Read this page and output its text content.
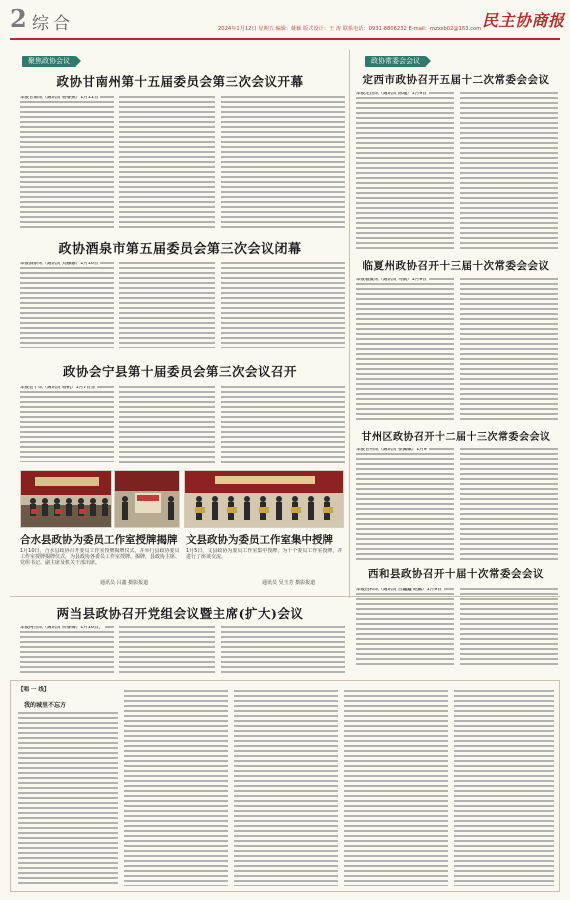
2 综合	2024年1月12日 星期五 编辑：姚颖 版式设计：王 涛 联系电话：0931-8806232 E-mail：mzxsb02@163.com 民主协商报
聚焦政协会议	政协常委会会议
政协甘南州第十五届委员会第三次会议开幕
本报甘南讯（通讯员 杨春燕）1月11日
政协酒泉市第五届委员会第三次会议闭幕
本报酒泉讯（通讯员 刘娜娜）1月10日
政协会宁县第十届委员会第三次会议召开
本报会宁讯（通讯员 杨帆）1月7日至
合水县政协为委员工作室授牌揭牌
1月10日，合水县政协召开委员工作室授牌揭牌仪式，并举行县政协委员工作室授牌揭牌仪式，为县政协各委员工作室授牌、揭牌，县政协主席、党组书记、副主席及机关干部出席。
通讯员 吕鑫 摄影报道
文县政协为委员工作室集中授牌
1月5日，文县政协为委员工作室集中授牌，为十个委员工作室授牌，并进行了座谈交流。
通讯员 吴玉芳 摄影报道
定西市政协召开五届十二次常委会会议
本报定西讯（通讯员 陈瑾）1月9日
临夏州政协召开十三届十次常委会会议
本报临夏讯（通讯员 马娟）1月9日
甘州区政协召开十二届十三次常委会会议
本报甘州讯（通讯员 张佩佩）1月9
西和县政协召开十届十次常委会会议
本报西和讯（通讯员 吕鑫鑫 赵鹏）1月9日
两当县政协召开党组会议暨主席(扩大)会议
本报两当讯（通讯员 何春梅）1月10日，
【唱 一 线】
我的城里不忘方
